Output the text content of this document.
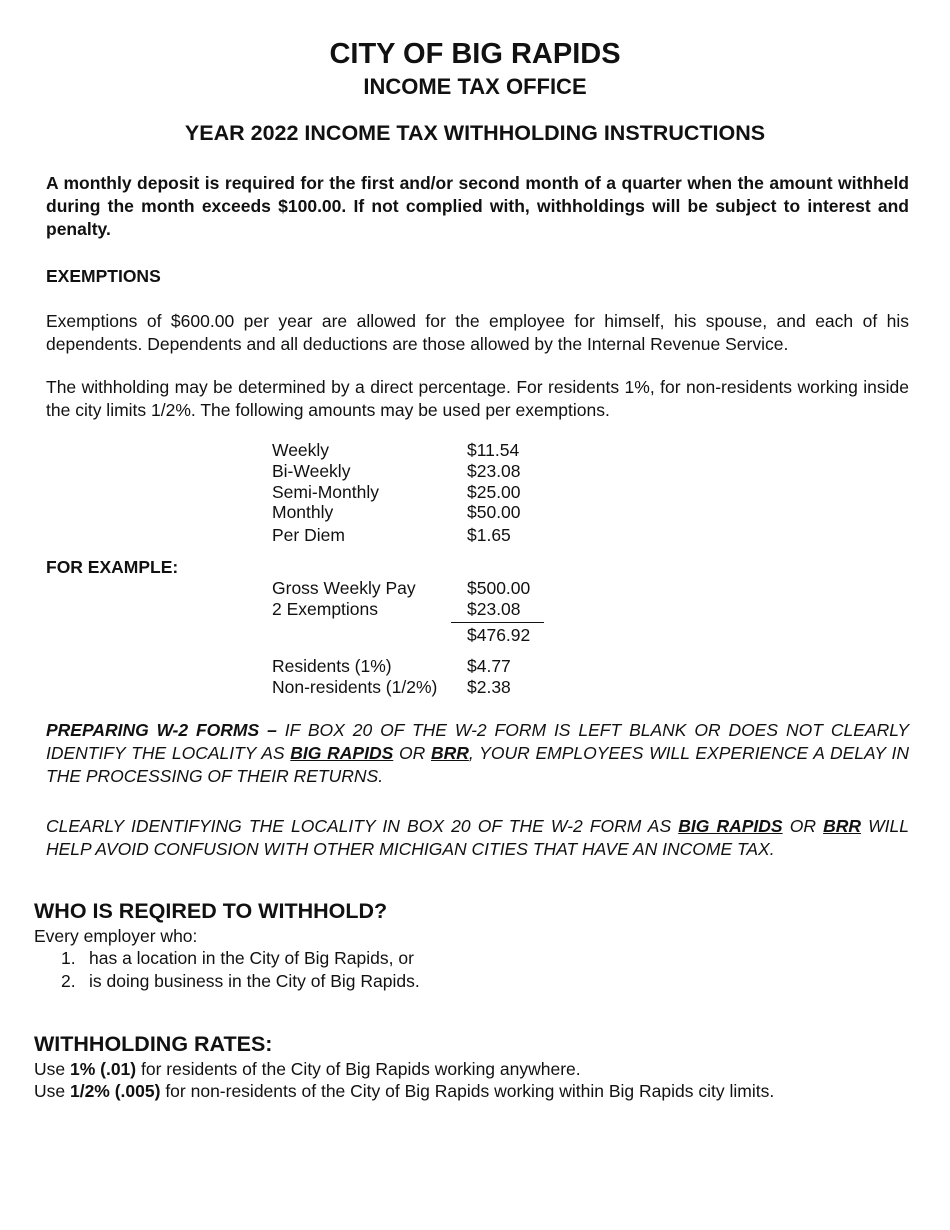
CITY OF BIG RAPIDS
INCOME TAX OFFICE
YEAR 2022 INCOME TAX WITHHOLDING INSTRUCTIONS
A monthly deposit is required for the first and/or second month of a quarter when the amount withheld during the month exceeds $100.00. If not complied with, withholdings will be subject to interest and penalty.
EXEMPTIONS
Exemptions of $600.00 per year are allowed for the employee for himself, his spouse, and each of his dependents. Dependents and all deductions are those allowed by the Internal Revenue Service.
The withholding may be determined by a direct percentage. For residents 1%, for non-residents working inside the city limits 1/2%. The following amounts may be used per exemptions.
Weekly	$11.54
Bi-Weekly	$23.08
Semi-Monthly	$25.00
Monthly	$50.00
Per Diem	$1.65
FOR EXAMPLE:
Gross Weekly Pay	$500.00
2 Exemptions	$23.08
$476.92
Residents (1%)	$4.77
Non-residents (1/2%) $2.38
PREPARING W-2 FORMS – IF BOX 20 OF THE W-2 FORM IS LEFT BLANK OR DOES NOT CLEARLY IDENTIFY THE LOCALITY AS BIG RAPIDS OR BRR, YOUR EMPLOYEES WILL EXPERIENCE A DELAY IN THE PROCESSING OF THEIR RETURNS.
CLEARLY IDENTIFYING THE LOCALITY IN BOX 20 OF THE W-2 FORM AS BIG RAPIDS OR BRR WILL HELP AVOID CONFUSION WITH OTHER MICHIGAN CITIES THAT HAVE AN INCOME TAX.
WHO IS REQIRED TO WITHHOLD?
Every employer who:
1. has a location in the City of Big Rapids, or
2. is doing business in the City of Big Rapids.
WITHHOLDING RATES:
Use 1% (.01) for residents of the City of Big Rapids working anywhere.
Use 1/2% (.005) for non-residents of the City of Big Rapids working within Big Rapids city limits.
